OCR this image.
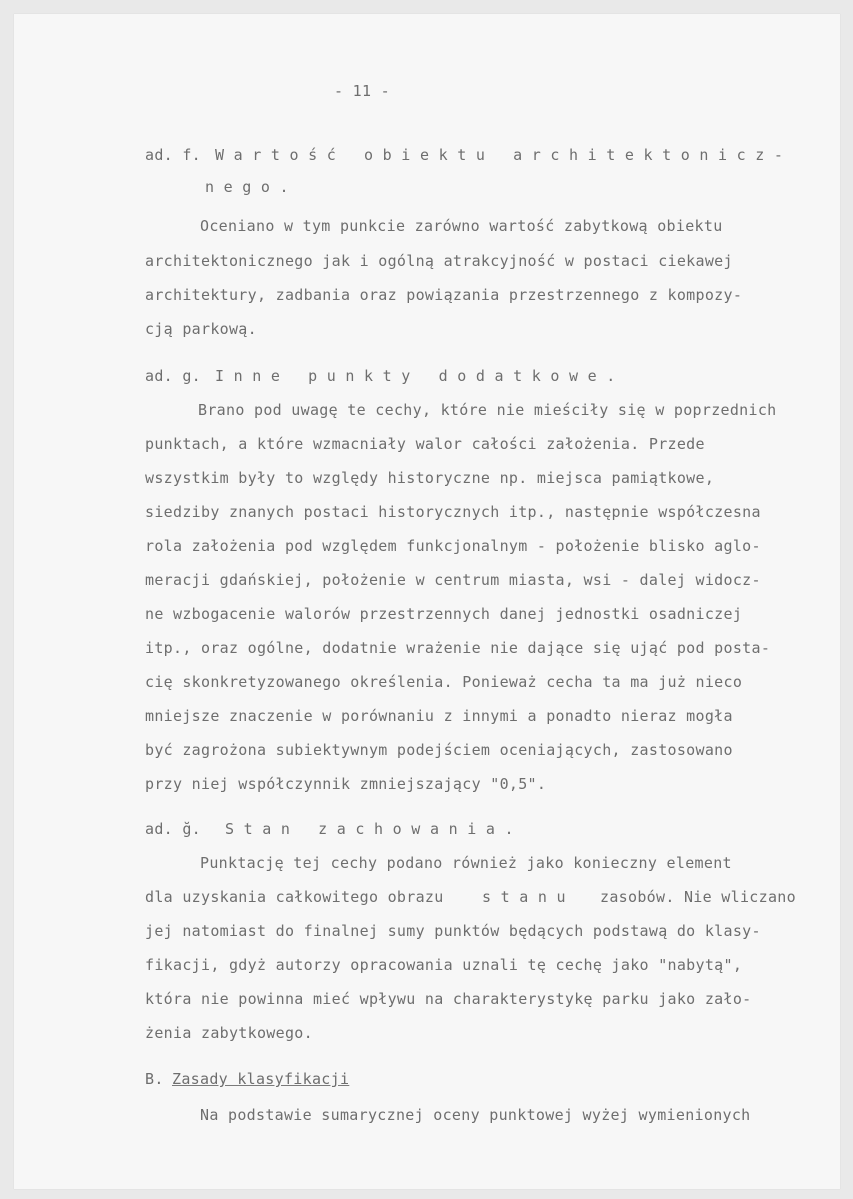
- 11 -
ad. f. Wartość obiektu architektonicz-
nego.
Oceniano w tym punkcie zarówno wartość zabytkową obiektu
architektonicznego jak i ogólną atrakcyjność w postaci ciekawej
architektury, zadbania oraz powiązania przestrzennego z kompozy-
cją parkową.
ad. g. Inne punkty dodatkowe.
Brano pod uwagę te cechy, które nie mieściły się w poprzednich
punktach, a które wzmacniały walor całości założenia. Przede
wszystkim były to względy historyczne np. miejsca pamiątkowe,
siedziby znanych postaci historycznych itp., następnie współczesna
rola założenia pod względem funkcjonalnym - położenie blisko aglo-
meracji gdańskiej, położenie w centrum miasta, wsi - dalej widocz-
ne wzbogacenie walorów przestrzennych danej jednostki osadniczej
itp., oraz ogólne, dodatnie wrażenie nie dające się ująć pod posta-
cię skonkretyzowanego określenia. Ponieważ cecha ta ma już nieco
mniejsze znaczenie w porównaniu z innymi a ponadto nieraz mogła
być zagrożona subiektywnym podejściem oceniających, zastosowano
przy niej współczynnik zmniejszający "0,5".
ad. ğ. Stan zachowania.
Punktację tej cechy podano również jako konieczny element
dla uzyskania całkowitego obrazu	stanu zasobów. Nie wliczano
jej natomiast do finalnej sumy punktów będących podstawą do klasy-
fikacji, gdyż autorzy opracowania uznali tę cechę jako "nabytą",
która nie powinna mieć wpływu na charakterystykę parku jako zało-
żenia zabytkowego.
B. Zasady klasyfikacji
Na podstawie sumarycznej oceny punktowej wyżej wymienionych
